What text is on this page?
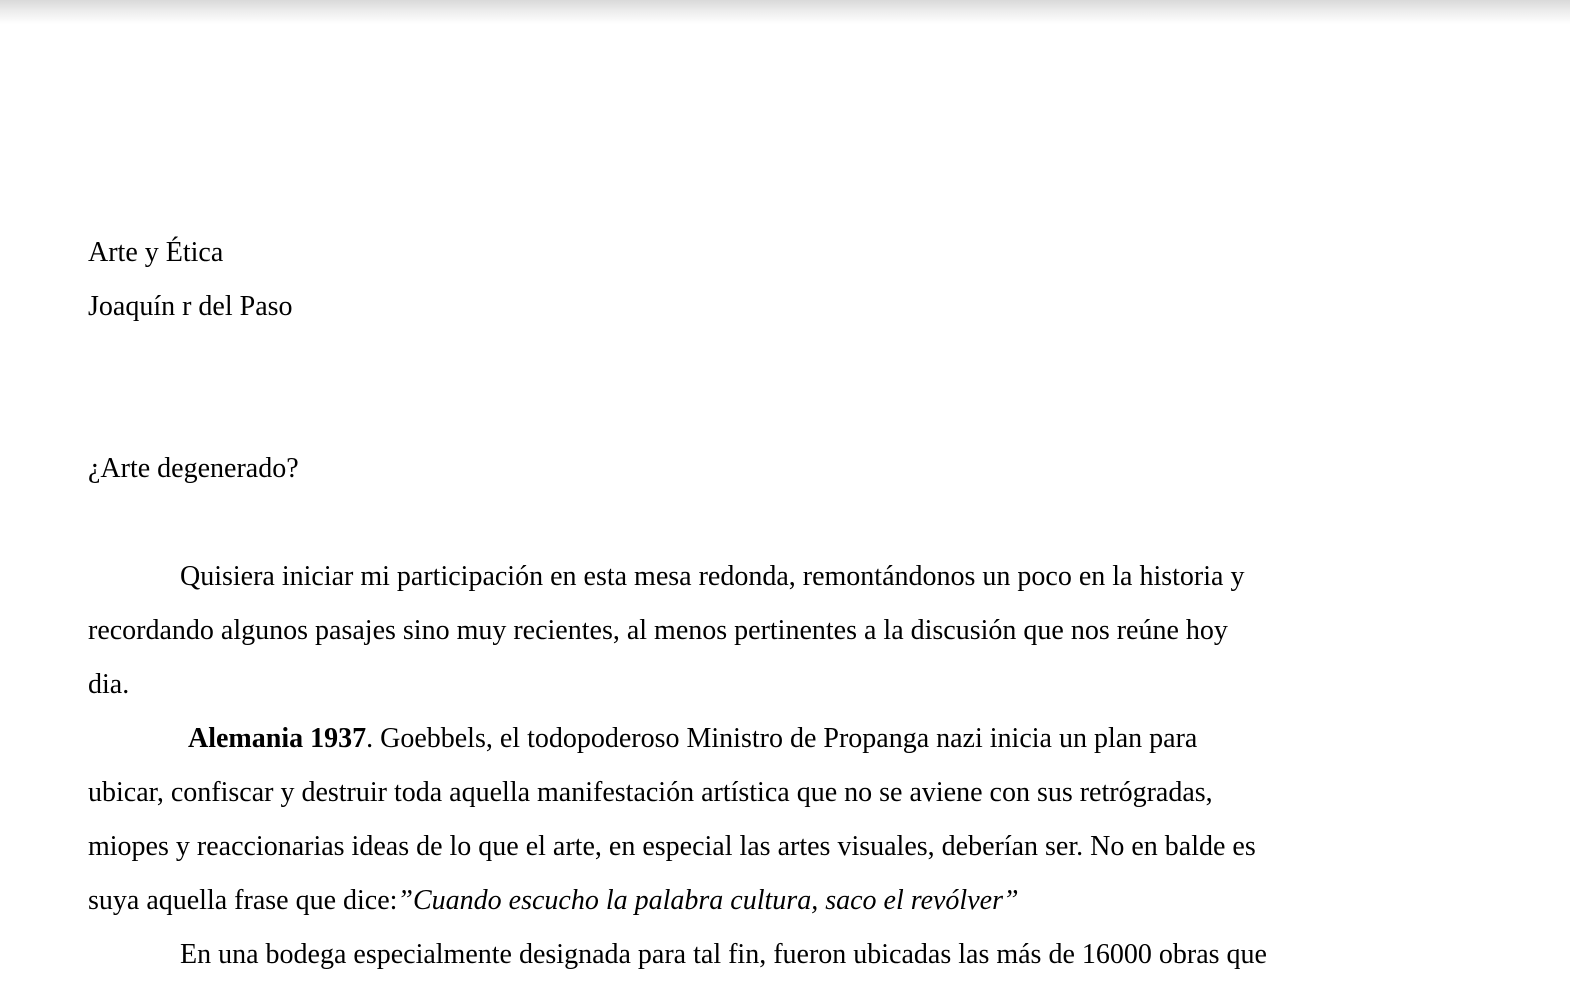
Arte y Ética
Joaquín r del Paso
¿Arte degenerado?
Quisiera iniciar mi participación en esta mesa redonda, remontándonos un poco en la historia y
recordando algunos pasajes sino muy recientes, al menos pertinentes a la discusión que nos reúne hoy
dia.
Alemania 1937. Goebbels, el todopoderoso Ministro de Propanga nazi inicia un plan para
ubicar, confiscar y destruir toda aquella manifestación artística que no se aviene con sus retrógradas,
miopes y reaccionarias ideas de lo que el arte, en especial las artes visuales, deberían ser. No en balde es
suya aquella frase que dice:”Cuando escucho la palabra cultura, saco el revólver”
En una bodega especialmente designada para tal fin, fueron ubicadas las más de 16000 obras que
